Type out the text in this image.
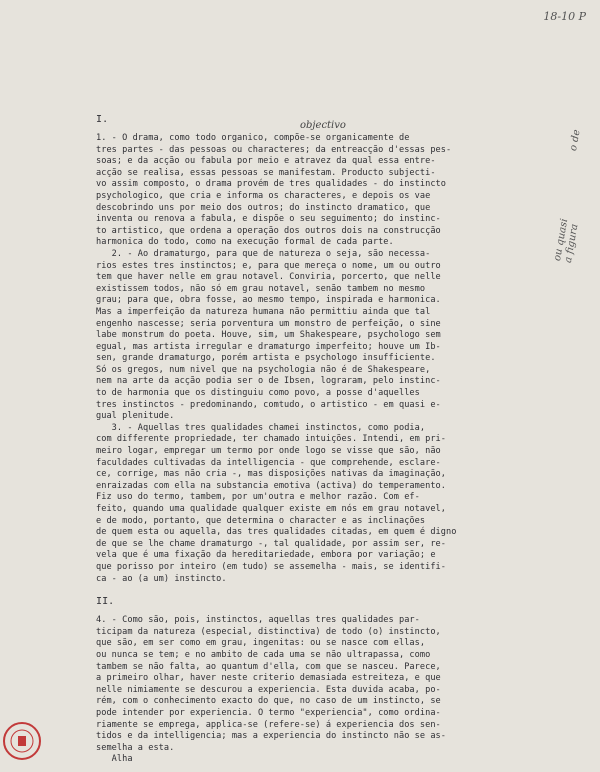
18-10 P
objectivo
ou quasi a figura
o de
I.
1. - O drama, como todo organico, compõe-se organicamente de
tres partes - das pessoas ou characteres; da entreacção d'essas pes-
soas; e da acção ou fabula por meio e atravez da qual essa entre-
acção se realisa, essas pessoas se manifestam. Producto subjecti-
vo assim composto, o drama provém de tres qualidades - do instincto
psychologico, que cria e informa os characteres, e depois os vae
descobrindo uns por meio dos outros; do instincto dramatico, que
inventa ou renova a fabula, e dispõe o seu seguimento; do instinc-
to artistico, que ordena a operação dos outros dois na construcção
harmonica do todo, como na execução formal de cada parte.
2. - Ao dramaturgo, para que de natureza o seja, são necessa-
rios estes tres instinctos; e, para que mereça o nome, um ou outro
tem que haver nelle em grau notavel. Conviria, porcerto, que nelle
existissem todos, não só em grau notavel, senão tambem no mesmo
grau; para que, obra fosse, ao mesmo tempo, inspirada e harmonica.
Mas a imperfeição da natureza humana não permittiu ainda que tal
engenho nascesse; seria porventura um monstro de perfeição, o sine
labe monstrum do poeta. Houve, sim, um Shakespeare, psychologo sem
egual, mas artista irregular e dramaturgo imperfeito; houve um Ib-
sen, grande dramaturgo, porém artista e psychologo insufficiente.
Só os gregos, num nivel que na psychologia não é de Shakespeare,
nem na arte da acção podia ser o de Ibsen, lograram, pelo instinc-
to de harmonia que os distinguiu como povo, a posse d'aquelles
tres instinctos - predominando, comtudo, o artistico - em quasi e-
gual plenitude.
3. - Aquellas tres qualidades chamei instinctos, como podia,
com differente propriedade, ter chamado intuições. Intendi, em pri-
meiro logar, empregar um termo por onde logo se visse que são, não
faculdades cultivadas da intelligencia - que comprehende, esclare-
ce, corrige, mas não cria -, mas disposições nativas da imaginação,
enraizadas com ella na substancia emotiva (activa) do temperamento.
Fiz uso do termo, tambem, por um'outra e melhor razão. Com ef-
feito, quando uma qualidade qualquer existe em nós em grau notavel,
e de modo, portanto, que determina o character e as inclinações
de quem esta ou aquella, das tres qualidades citadas, em quem é digno
de que se lhe chame dramaturgo -, tal qualidade, por assim ser, re-
vela que é uma fixação da hereditariedade, embora por variação; e
que porisso por inteiro (em tudo) se assemelha - mais, se identifi-
ca - ao (a um) instincto.
II.
4. - Como são, pois, instinctos, aquellas tres qualidades par-
ticipam da natureza (especial, distinctiva) de todo (o) instincto,
que são, em ser como em grau, ingenitas: ou se nasce com ellas,
ou nunca se tem; e no ambito de cada uma se não ultrapassa, como
tambem se não falta, ao quantum d'ella, com que se nasceu. Parece,
a primeiro olhar, haver neste criterio demasiada estreiteza, e que
nelle nimiamente se descurou a experiencia. Esta duvida acaba, po-
rém, com o conhecimento exacto do que, no caso de um instincto, se
pode intender por experiencia. O termo "experiencia", como ordina-
riamente se emprega, applica-se (refere-se) á experiencia dos sen-
tidos e da intelligencia; mas a experiencia do instincto não se as-
semelha a esta.
Alha
